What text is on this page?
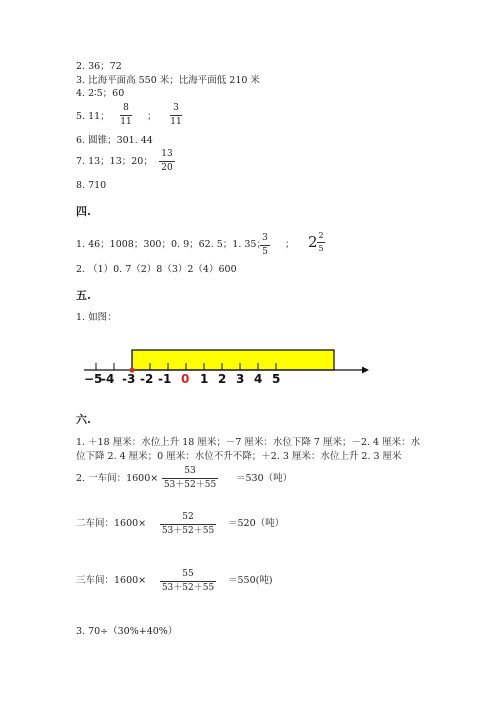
2. 36；72
3. 比海平面高 550 米；比海平面低 210 米
4. 2∶5；60
5. 11；
8
11 ；
3
11
6. 圆锥；301. 44
7. 13；13；20；
13
20
8. 710
四.
1. 46；1008；300；0. 9；62. 5；1. 35；
3
5
； 2 2
5
2. （1）0. 7（2）8（3）2（4）600
五.
1. 如图：
−5
-4 -3 -2 -1 0 1 2 3 4 5
六.
1. ＋18 厘米：水位上升 18 厘米；－7 厘米：水位下降 7 厘米；－2. 4 厘米：水
位下降 2. 4 厘米；0 厘米：水位不升不降；＋2. 3 厘米：水位上升 2. 3 厘米
2. 一车间：1600×
53
53＋52＋55
＝530（吨）
二车间：1600×
52
53＋52＋55
＝520（吨）
三车间：1600×
55
53＋52＋55
＝550(吨)
3. 70÷（30%+40%）
